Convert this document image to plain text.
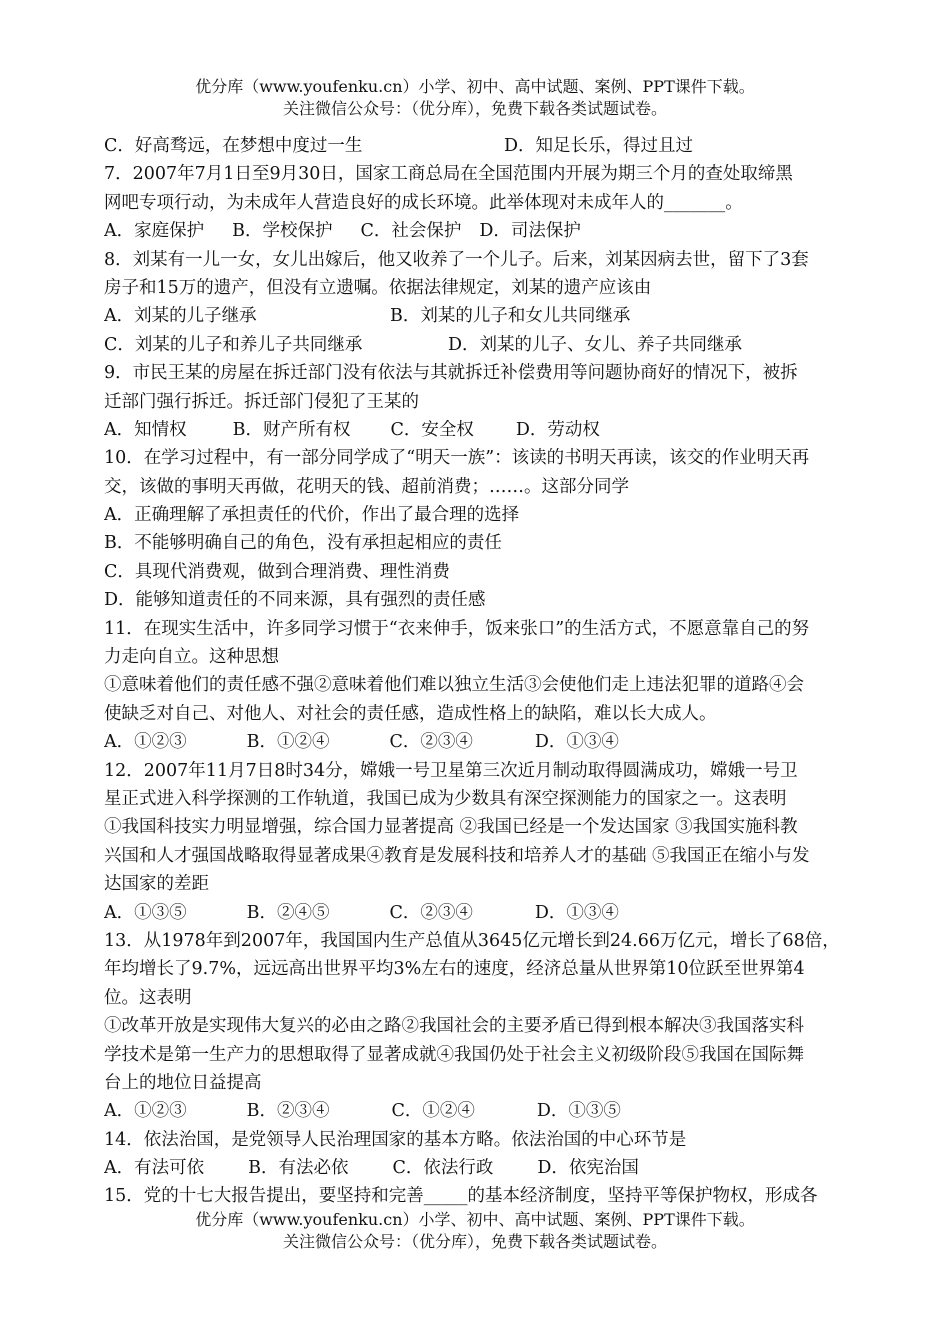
优分库（www.youfenku.cn）小学、初中、高中试题、案例、PPT课件下载。
关注微信公众号：（优分库），免费下载各类试题试卷。
C．好高骛远，在梦想中度过一生	D．知足长乐，得过且过
7．2007年7月1日至9月30日，国家工商总局在全国范围内开展为期三个月的查处取缔黑
网吧专项行动，为未成年人营造良好的成长环境。此举体现对未成年人的_______。
A．家庭保护 B．学校保护 C．社会保护 D．司法保护
8．刘某有一儿一女，女儿出嫁后，他又收养了一个儿子。后来，刘某因病去世，留下了3套
房子和15万的遗产，但没有立遗嘱。依据法律规定，刘某的遗产应该由
A．刘某的儿子继承	B．刘某的儿子和女儿共同继承
C．刘某的儿子和养儿子共同继承	D．刘某的儿子、女儿、养子共同继承
9．市民王某的房屋在拆迁部门没有依法与其就拆迁补偿费用等问题协商好的情况下，被拆
迁部门强行拆迁。拆迁部门侵犯了王某的
A．知情权	B．财产所有权 C．安全权 D．劳动权
10．在学习过程中，有一部分同学成了“明天一族”：该读的书明天再读，该交的作业明天再
交，该做的事明天再做，花明天的钱、超前消费；……。这部分同学
A．正确理解了承担责任的代价，作出了最合理的选择
B．不能够明确自己的角色，没有承担起相应的责任
C．具现代消费观，做到合理消费、理性消费
D．能够知道责任的不同来源，具有强烈的责任感
11．在现实生活中，许多同学习惯于“衣来伸手，饭来张口”的生活方式，不愿意靠自己的努
力走向自立。这种思想
①意味着他们的责任感不强②意味着他们难以独立生活③会使他们走上违法犯罪的道路④会
使缺乏对自己、对他人、对社会的责任感，造成性格上的缺陷，难以长大成人。
A．①②③	B．①②④	C．②③④	D．①③④
12．2007年11月7日8时34分，嫦娥一号卫星第三次近月制动取得圆满成功，嫦娥一号卫
星正式进入科学探测的工作轨道，我国已成为少数具有深空探测能力的国家之一。这表明
①我国科技实力明显增强，综合国力显著提高 ②我国已经是一个发达国家 ③我国实施科教
兴国和人才强国战略取得显著成果④教育是发展科技和培养人才的基础 ⑤我国正在缩小与发
达国家的差距
A．①③⑤	B．②④⑤	C．②③④	D．①③④
13．从1978年到2007年，我国国内生产总值从3645亿元增长到24.66万亿元，增长了68倍，
年均增长了9.7%，远远高出世界平均3%左右的速度，经济总量从世界第10位跃至世界第4
位。这表明
①改革开放是实现伟大复兴的必由之路②我国社会的主要矛盾已得到根本解决③我国落实科
学技术是第一生产力的思想取得了显著成就④我国仍处于社会主义初级阶段⑤我国在国际舞
台上的地位日益提高
A．①②③	B．②③④	C．①②④	D．①③⑤
14．依法治国，是党领导人民治理国家的基本方略。依法治国的中心环节是
A．有法可依	B．有法必依	C．依法行政	D．依宪治国
15．党的十七大报告提出，要坚持和完善_____的基本经济制度，坚持平等保护物权，形成各
优分库（www.youfenku.cn）小学、初中、高中试题、案例、PPT课件下载。
关注微信公众号：（优分库），免费下载各类试题试卷。
